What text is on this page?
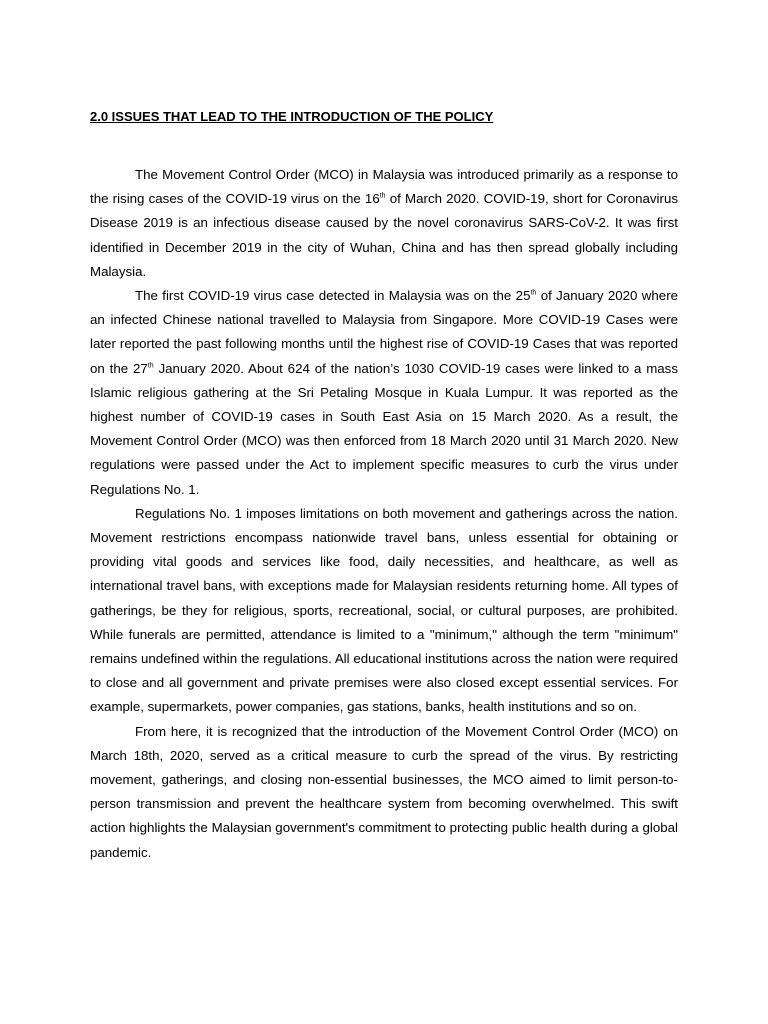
2.0 ISSUES THAT LEAD TO THE INTRODUCTION OF THE POLICY

The Movement Control Order (MCO) in Malaysia was introduced primarily as a response to the rising cases of the COVID-19 virus on the 16th of March 2020. COVID-19, short for Coronavirus Disease 2019 is an infectious disease caused by the novel coronavirus SARS-CoV-2. It was first identified in December 2019 in the city of Wuhan, China and has then spread globally including Malaysia.

The first COVID-19 virus case detected in Malaysia was on the 25th of January 2020 where an infected Chinese national travelled to Malaysia from Singapore. More COVID-19 Cases were later reported the past following months until the highest rise of COVID-19 Cases that was reported on the 27th January 2020. About 624 of the nation’s 1030 COVID-19 cases were linked to a mass Islamic religious gathering at the Sri Petaling Mosque in Kuala Lumpur. It was reported as the highest number of COVID-19 cases in South East Asia on 15 March 2020. As a result, the Movement Control Order (MCO) was then enforced from 18 March 2020 until 31 March 2020. New regulations were passed under the Act to implement specific measures to curb the virus under Regulations No. 1.

Regulations No. 1 imposes limitations on both movement and gatherings across the nation. Movement restrictions encompass nationwide travel bans, unless essential for obtaining or providing vital goods and services like food, daily necessities, and healthcare, as well as international travel bans, with exceptions made for Malaysian residents returning home. All types of gatherings, be they for religious, sports, recreational, social, or cultural purposes, are prohibited. While funerals are permitted, attendance is limited to a "minimum," although the term "minimum" remains undefined within the regulations. All educational institutions across the nation were required to close and all government and private premises were also closed except essential services. For example, supermarkets, power companies, gas stations, banks, health institutions and so on.

From here, it is recognized that the introduction of the Movement Control Order (MCO) on March 18th, 2020, served as a critical measure to curb the spread of the virus. By restricting movement, gatherings, and closing non-essential businesses, the MCO aimed to limit person-to-person transmission and prevent the healthcare system from becoming overwhelmed. This swift action highlights the Malaysian government's commitment to protecting public health during a global pandemic.
